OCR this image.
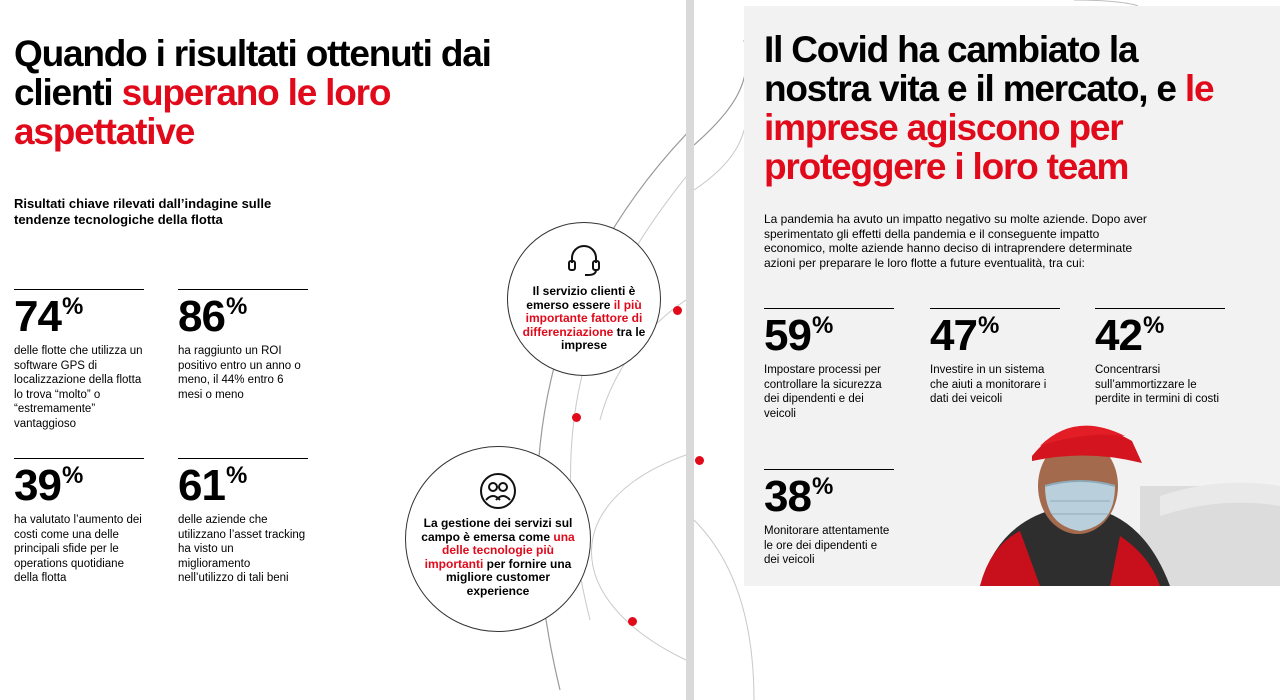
Quando i risultati ottenuti dai clienti superano le loro aspettative
Risultati chiave rilevati dall’indagine sulle tendenze tecnologiche della flotta
74 %
delle flotte che utilizza un software GPS di localizzazione della flotta lo trova “molto” o “estremamente” vantaggioso
86 %
ha raggiunto un ROI positivo entro un anno o meno, il 44% entro 6 mesi o meno
39 %
ha valutato l’aumento dei costi come una delle principali sfide per le operations quotidiane della flotta
61 %
delle aziende che utilizzano l’asset tracking ha visto un miglioramento nell’utilizzo di tali beni
Il servizio clienti è emerso essere il più importante fattore di differenziazione tra le imprese
La gestione dei servizi sul campo è emersa come una delle tecnologie più importanti per fornire una migliore customer experience
Il Covid ha cambiato la nostra vita e il mercato, e le imprese agiscono per proteggere i loro team
La pandemia ha avuto un impatto negativo su molte aziende. Dopo aver sperimentato gli effetti della pandemia e il conseguente impatto economico, molte aziende hanno deciso di intraprendere determinate azioni per preparare le loro flotte a future eventualità, tra cui:
59 %
Impostare processi per controllare la sicurezza dei dipendenti e dei veicoli
47 %
Investire in un sistema che aiuti a monitorare i dati dei veicoli
42 %
Concentrarsi sull’ammortizzare le perdite in termini di costi
38 %
Monitorare attentamente le ore dei dipendenti e dei veicoli
